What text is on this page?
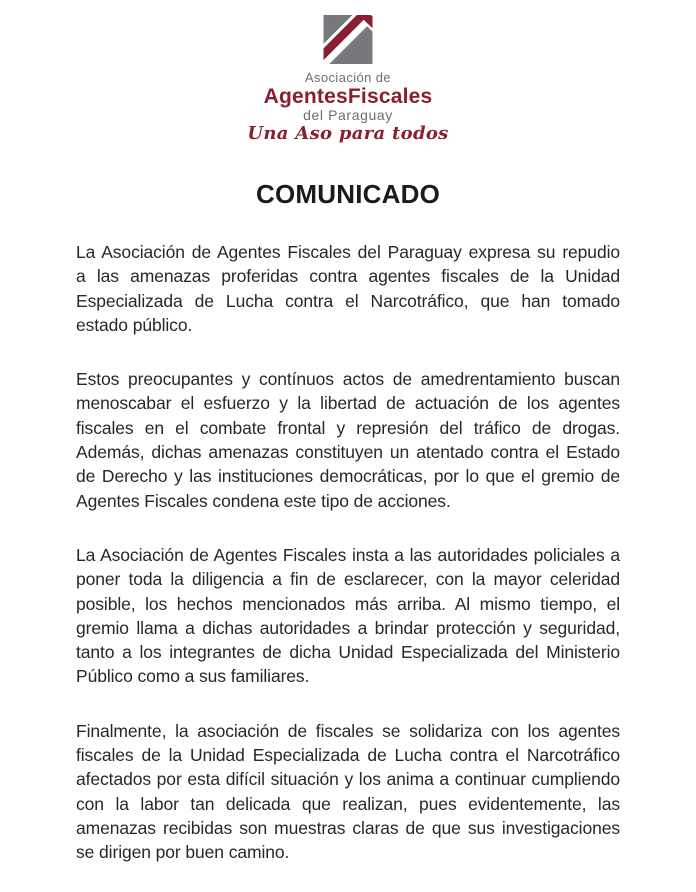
Asociación de
AgentesFiscales
del Paraguay
Una Aso para todos
COMUNICADO
La Asociación de Agentes Fiscales del Paraguay expresa su repudio
a las amenazas proferidas contra agentes fiscales de la Unidad
Especializada de Lucha contra el Narcotráfico, que han tomado
estado público.
Estos preocupantes y contínuos actos de amedrentamiento buscan
menoscabar el esfuerzo y la libertad de actuación de los agentes
fiscales en el combate frontal y represión del tráfico de drogas.
Además, dichas amenazas constituyen un atentado contra el Estado
de Derecho y las instituciones democráticas, por lo que el gremio de
Agentes Fiscales condena este tipo de acciones.
La Asociación de Agentes Fiscales insta a las autoridades policiales a
poner toda la diligencia a fin de esclarecer, con la mayor celeridad
posible, los hechos mencionados más arriba. Al mismo tiempo, el
gremio llama a dichas autoridades a brindar protección y seguridad,
tanto a los integrantes de dicha Unidad Especializada del Ministerio
Público como a sus familiares.
Finalmente, la asociación de fiscales se solidariza con los agentes
fiscales de la Unidad Especializada de Lucha contra el Narcotráfico
afectados por esta difícil situación y los anima a continuar cumpliendo
con la labor tan delicada que realizan, pues evidentemente, las
amenazas recibidas son muestras claras de que sus investigaciones
se dirigen por buen camino.
